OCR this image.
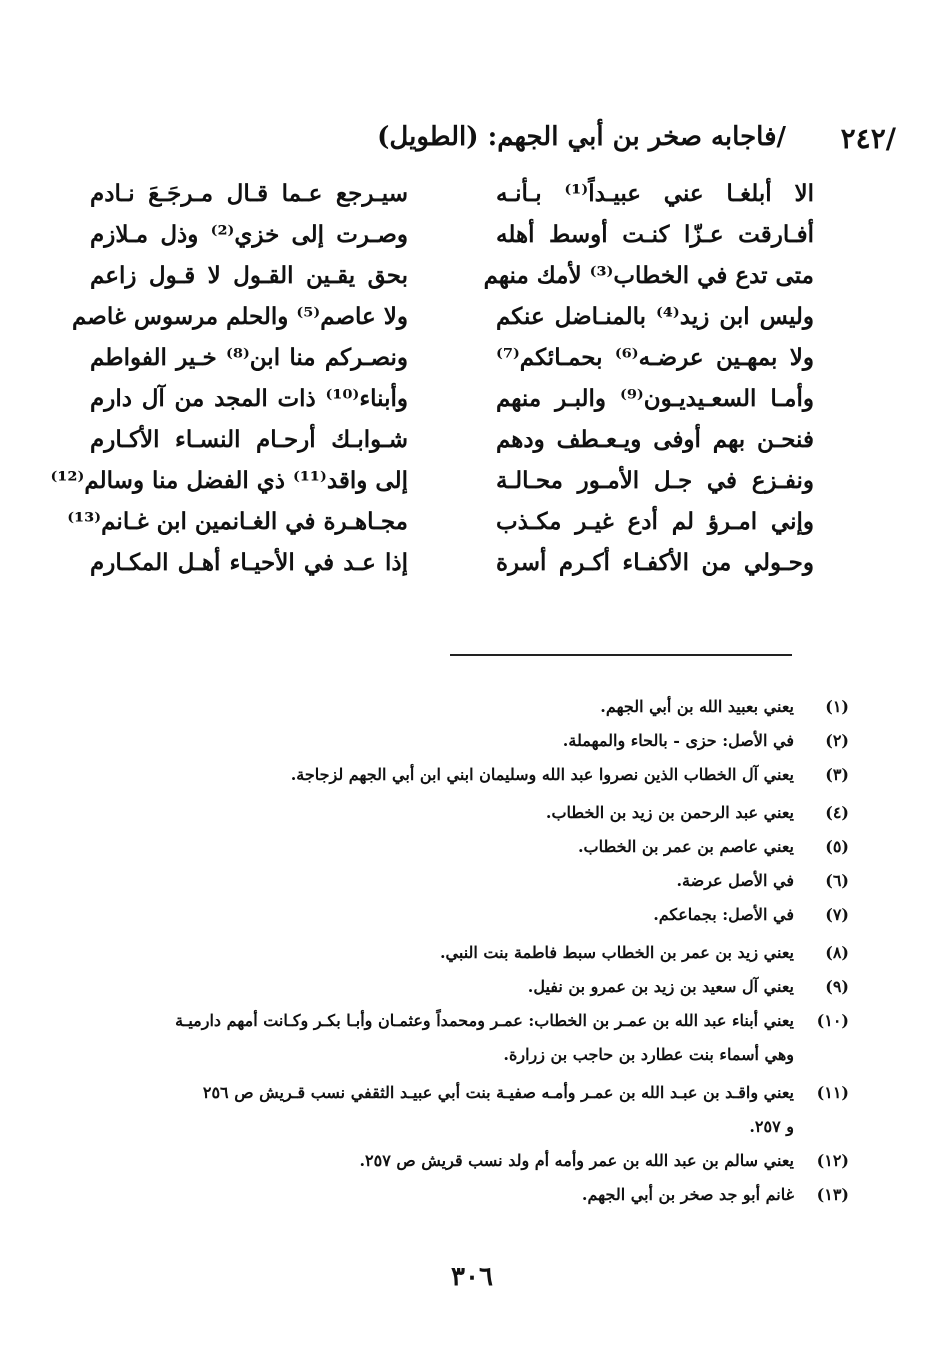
/٢٤٢
/فاجابه صخر بن أبي الجهم: (الطويل)
الا أبلغـا عني عبيـداً⁽¹⁾ بـأنـه
سيـرجع عـما قـال مـرجَـعَ نـادم
أفـارقت عـزّا كنـت أوسط أهله
وصـرت إلى خزي⁽²⁾ وذل مـلازم
متى تدع في الخطاب⁽³⁾ لأمك منهم
بحق يقـين القـول لا قـول زاعم
وليس ابن زيد⁽⁴⁾ بالمنـاضل عنكم
ولا عاصم⁽⁵⁾ والحلم مرسوس غاصم
ولا بمهـين عرضـه⁽⁶⁾ بحمـائكم⁽⁷⁾
ونصـركم منا ابن⁽⁸⁾ خـير الفواطم
وأمـا السعـيديـون⁽⁹⁾ والبـر منهم
وأبناء⁽¹⁰⁾ ذات المجد من آل دارم
فنحـن بهم أوفى ويـعـطف ودهم
شـوابـك أرحـام النسـاء الأكـارم
ونفـزع في جـل الأمـور محـالـة
إلى واقد⁽¹¹⁾ ذي الفضل منا وسالم⁽¹²⁾
وإني امـرؤ لم أدع غيـر مكـذب
مجـاهـرة في الغـانمين ابن غـانم⁽¹³⁾
وحـولي من الأكفـاء أكـرم أسرة
إذا عـد في الأحيـاء أهـل المكـارم
(١)
يعني بعبيد الله بن أبي الجهم.
(٢)
في الأصل: حزى - بالحاء والمهملة.
(٣)
يعني آل الخطاب الذين نصروا عبد الله وسليمان ابني ابن أبي الجهم لزجاجة.
(٤)
يعني عبد الرحمن بن زيد بن الخطاب.
(٥)
يعني عاصم بن عمر بن الخطاب.
(٦)
في الأصل عرضة.
(٧)
في الأصل: بجماعكم.
(٨)
يعني زيد بن عمر بن الخطاب سبط فاطمة بنت النبي.
(٩)
يعني آل سعيد بن زيد بن عمرو بن نفيل.
(١٠)
يعني أبناء عبد الله بن عمـر بن الخطاب: عمـر ومحمداً وعثمـان وأبـا بكـر وكـانت أمهم دارميـة
وهي أسماء بنت عطارد بن حاجب بن زرارة.
(١١)
يعني واقـد بن عبـد الله بن عمـر وأمـه صفيـة بنت أبي عبيـد الثقفي نسب قـريش ص ٢٥٦
و ٢٥٧.
(١٢)
يعني سالم بن عبد الله بن عمر وأمه أم ولد نسب قريش ص ٢٥٧.
(١٣)
غانم أبو جد صخر بن أبي الجهم.
٣٠٦
